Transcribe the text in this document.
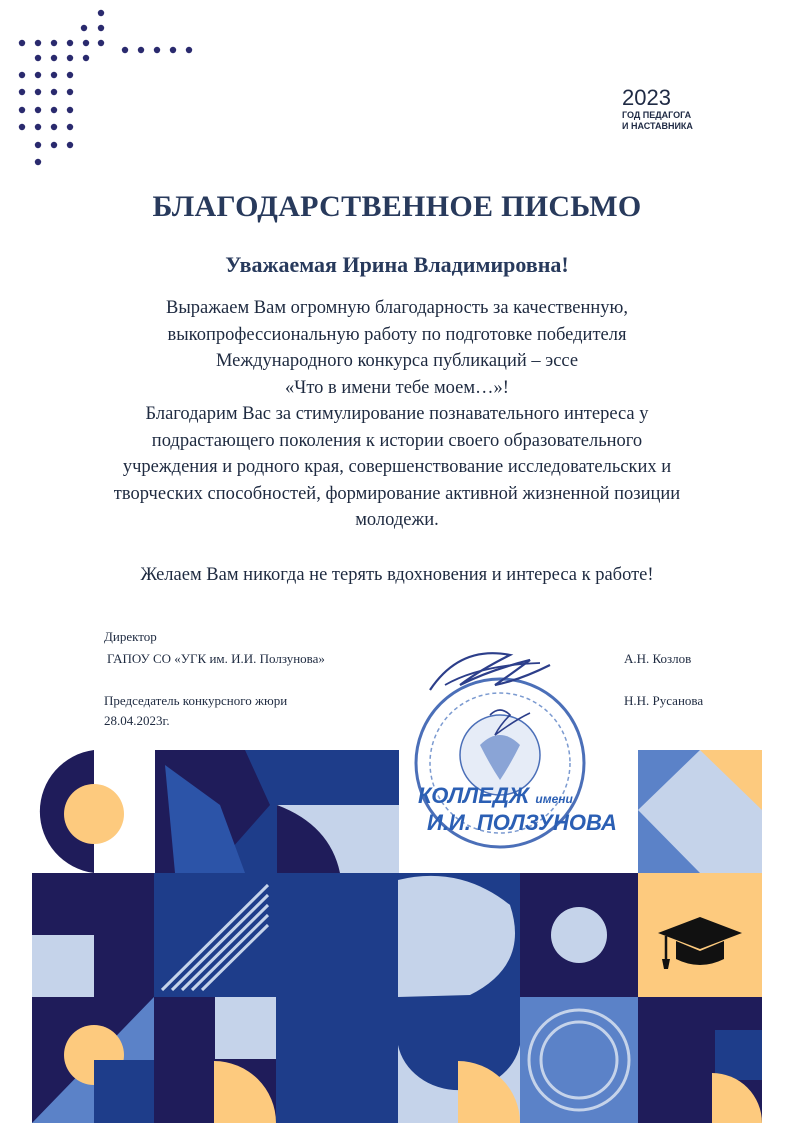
2023
ГОД ПЕДАГОГА
И НАСТАВНИКА
БЛАГОДАРСТВЕННОЕ ПИСЬМО
Уважаемая Ирина Владимировна!
Выражаем Вам огромную благодарность за качественную,
выкопрофессиональную работу по подготовке победителя
Международного конкурса публикаций – эссе
«Что в имени тебе моем…»!
Благодарим Вас за стимулирование познавательного интереса у
подрастающего поколения к истории своего образовательного
учреждения и родного края, совершенствование исследовательских и
творческих способностей, формирование активной жизненной позиции
молодежи.
Желаем Вам никогда не терять вдохновения и интереса к работе!
Директор
ГАПОУ СО «УГК им. И.И. Ползунова»	А.Н. Козлов
Председатель конкурсного жюри
28.04.2023г.
Н.Н. Русанова
КОЛЛЕДЖ имени
И.И. ПОЛЗУНОВА
